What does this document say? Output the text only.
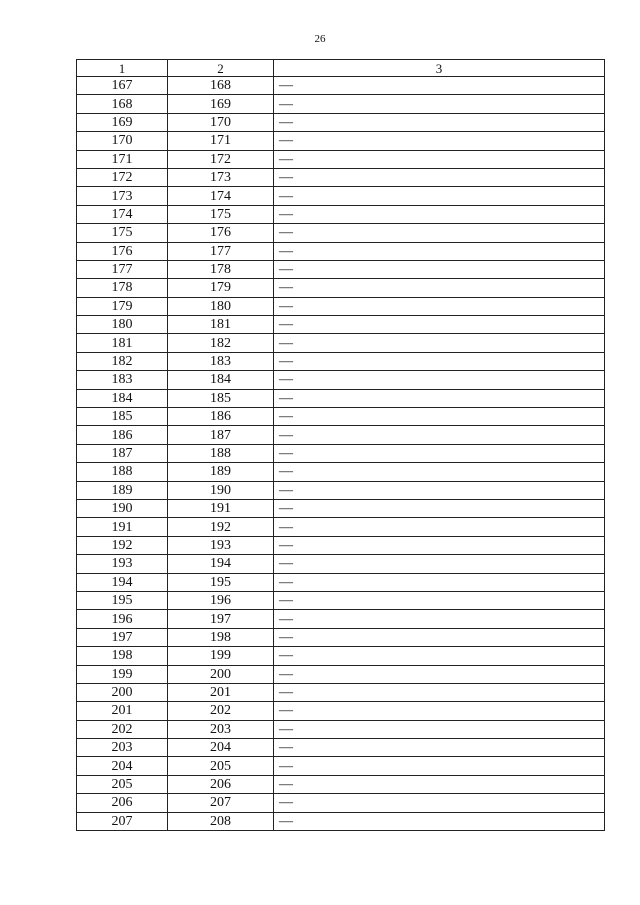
26
1	2	3
167	168	—
168	169	—
169	170	—
170	171	—
171	172	—
172	173	—
173	174	—
174	175	—
175	176	—
176	177	—
177	178	—
178	179	—
179	180	—
180	181	—
181	182	—
182	183	—
183	184	—
184	185	—
185	186	—
186	187	—
187	188	—
188	189	—
189	190	—
190	191	—
191	192	—
192	193	—
193	194	—
194	195	—
195	196	—
196	197	—
197	198	—
198	199	—
199	200	—
200	201	—
201	202	—
202	203	—
203	204	—
204	205	—
205	206	—
206	207	—
207	208	—
